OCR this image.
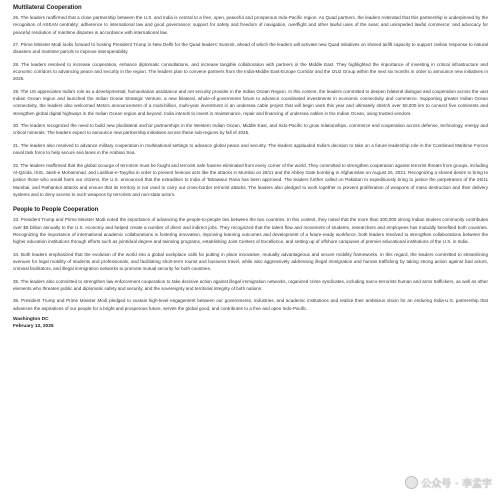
Multilateral Cooperation

26. The leaders reaffirmed that a close partnership between the U.S. and India is central to a free, open, peaceful and prosperous Indo-Pacific region. As Quad partners, the leaders reiterated that this partnership is underpinned by the recognition of ASEAN centrality; adherence to international law and good governance; support for safety and freedom of navigation, overflight and other lawful uses of the seas; and unimpeded lawful commerce; and advocacy for peaceful resolution of maritime disputes in accordance with international law.

27. Prime Minister Modi looks forward to hosting President Trump in New Delhi for the Quad leaders' Summit, ahead of which the leaders will activate new Quad initiatives on shared airlift capacity to support civilian response to natural disasters and maritime patrols to improve interoperability.

28. The leaders resolved to increase cooperation, enhance diplomatic consultations, and increase tangible collaboration with partners in the Middle East. They highlighted the importance of investing in critical infrastructure and economic corridors to advancing peace and security in the region. The leaders plan to convene partners from the India-Middle East-Europe Corridor and the I2U2 Group within the next six months in order to announce new initiatives in 2025.

29. The US appreciates India's role as a developmental, humanitarian assistance and net security provider in the Indian Ocean Region. In this context, the leaders committed to deepen bilateral dialogue and cooperation across the vast Indian Ocean region and launched the Indian Ocean Strategic Venture, a new bilateral, whole-of-government forum to advance coordinated investments in economic connectivity and commerce. Supporting greater Indian Ocean connectivity, the leaders also welcomed Meta's announcement of a multi-billion, multi-year investment in an undersea cable project that will begin work this year and ultimately stretch over 50,000 km to connect five continents and strengthen global digital highways in the Indian Ocean region and beyond. India intends to invest in maintenance, repair and financing of undersea cables in the Indian Ocean, using trusted vendors.

30. The leaders recognized the need to build new plurilateral anchor partnerships in the Western Indian Ocean, Middle East, and Indo-Pacific to grow relationships, commerce and cooperation across defense, technology, energy and critical minerals. The leaders expect to announce new partnership initiatives across these sub-regions by fall of 2025.

31. The leaders also resolved to advance military cooperation in multinational settings to advance global peace and security. The leaders applauded India's decision to take on a future leadership role in the Combined Maritime Forces naval task force to help secure sea lanes in the Arabian Sea.

32. The leaders reaffirmed that the global scourge of terrorism must be fought and terrorist safe havens eliminated from every corner of the world. They committed to strengthen cooperation against terrorist threats from groups, including Al-Qa'ida, ISIS, Jaish-e Mohammad, and Lashkar-e-Tayyiba in order to prevent heinous acts like the attacks in Mumbai on 26/11 and the Abbey Gate bombing in Afghanistan on August 26, 2021. Recognizing a shared desire to bring to justice those who would harm our citizens, the U.S. announced that the extradition to India of Tahawwur Rana has been approved. The leaders further called on Pakistan to expeditiously bring to justice the perpetrators of the 26/11 Mumbai, and Pathankot attacks and ensure that its territory is not used to carry out cross-border terrorist attacks. The leaders also pledged to work together to prevent proliferation of weapons of mass destruction and their delivery systems and to deny access to such weapons by terrorists and non-state actors.

People to People Cooperation

33. President Trump and Prime Minister Modi noted the importance of advancing the people-to-people ties between the two countries. In this context, they noted that the more than 300,000 strong Indian student community contributes over $8 billion annually to the U.S. economy and helped create a number of direct and indirect jobs. They recognized that the talent flow and movement of students, researchers and employees has mutually benefited both countries. Recognizing the importance of international academic collaborations in fostering innovation, improving learning outcomes and development of a future-ready workforce, both leaders resolved to strengthen collaborations between the higher education institutions through efforts such as joint/dual degree and twinning programs, establishing Joint Centers of Excellence, and setting up of offshore campuses of premier educational institutions of the U.S. in India.

34. Both leaders emphasized that the evolution of the world into a global workplace calls for putting in place innovative, mutually advantageous and secure mobility frameworks. In this regard, the leaders committed to streamlining avenues for legal mobility of students and professionals, and facilitating short-term tourist and business travel, while also aggressively addressing illegal immigration and human trafficking by taking strong action against bad actors, criminal facilitators, and illegal immigration networks to promote mutual security for both countries.

35. The leaders also committed to strengthen law enforcement cooperation to take decisive action against illegal immigration networks, organized crime syndicates, including narco-terrorists human and arms traffickers, as well as other elements who threaten public and diplomatic safety and security, and the sovereignty and territorial integrity of both nations.

36. President Trump and Prime Minister Modi pledged to sustain high-level engagement between our governments, industries, and academic institutions and realize their ambitious vision for an enduring India-U.S. partnership that advances the aspirations of our people for a bright and prosperous future, serves the global good, and contributes to a free and open Indo-Pacific.

Washington DC
February 13, 2025
公众号 · 李孟宇
